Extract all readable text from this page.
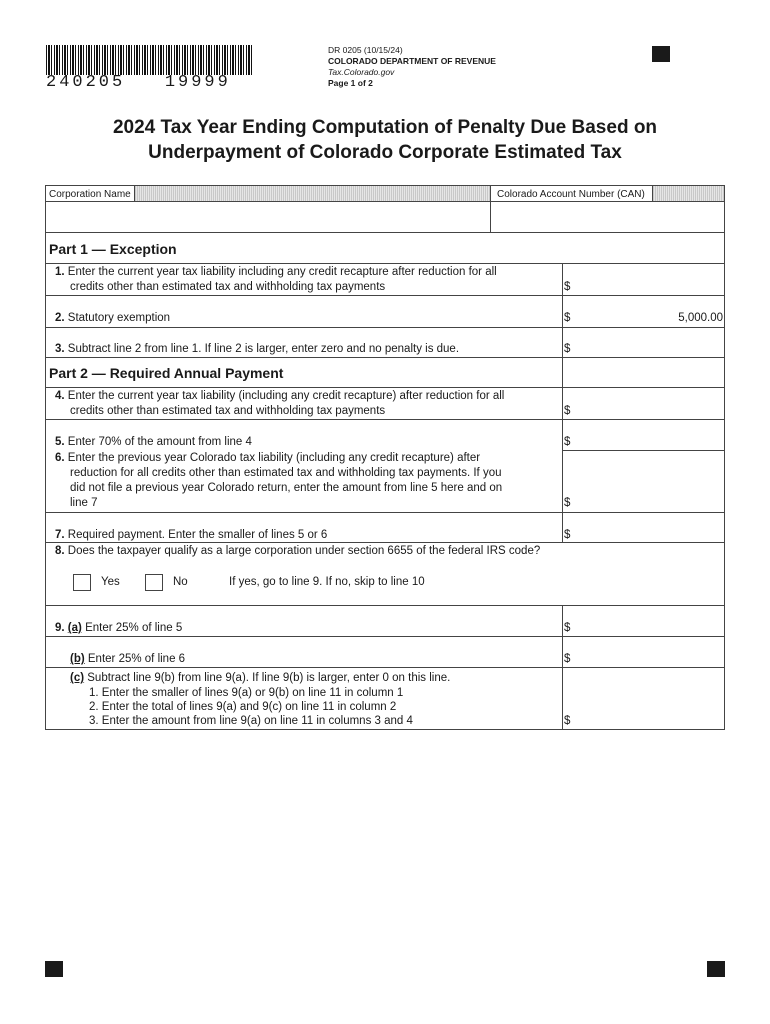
240205   19999
DR 0205 (10/15/24)
COLORADO DEPARTMENT OF REVENUE
Tax.Colorado.gov
Page 1 of 2
2024 Tax Year Ending Computation of Penalty Due Based on
Underpayment of Colorado Corporate Estimated Tax
Corporation Name	Colorado Account Number (CAN)
Part 1 — Exception
1. Enter the current year tax liability including any credit recapture after reduction for all
credits other than estimated tax and withholding tax payments	$
2. Statutory exemption	$	5,000.00
3. Subtract line 2 from line 1. If line 2 is larger, enter zero and no penalty is due.	$
Part 2 — Required Annual Payment
4. Enter the current year tax liability (including any credit recapture) after reduction for all
credits other than estimated tax and withholding tax payments	$
5. Enter 70% of the amount from line 4	$
6. Enter the previous year Colorado tax liability (including any credit recapture) after
reduction for all credits other than estimated tax and withholding tax payments. If you
did not file a previous year Colorado return, enter the amount from line 5 here and on
line 7	$
7. Required payment. Enter the smaller of lines 5 or 6	$
8. Does the taxpayer qualify as a large corporation under section 6655 of the federal IRS code?
Yes	No	If yes, go to line 9. If no, skip to line 10
9. (a) Enter 25% of line 5	$
(b) Enter 25% of line 6	$
(c) Subtract line 9(b) from line 9(a). If line 9(b) is larger, enter 0 on this line.
1. Enter the smaller of lines 9(a) or 9(b) on line 11 in column 1
2. Enter the total of lines 9(a) and 9(c) on line 11 in column 2
3. Enter the amount from line 9(a) on line 11 in columns 3 and 4	$
